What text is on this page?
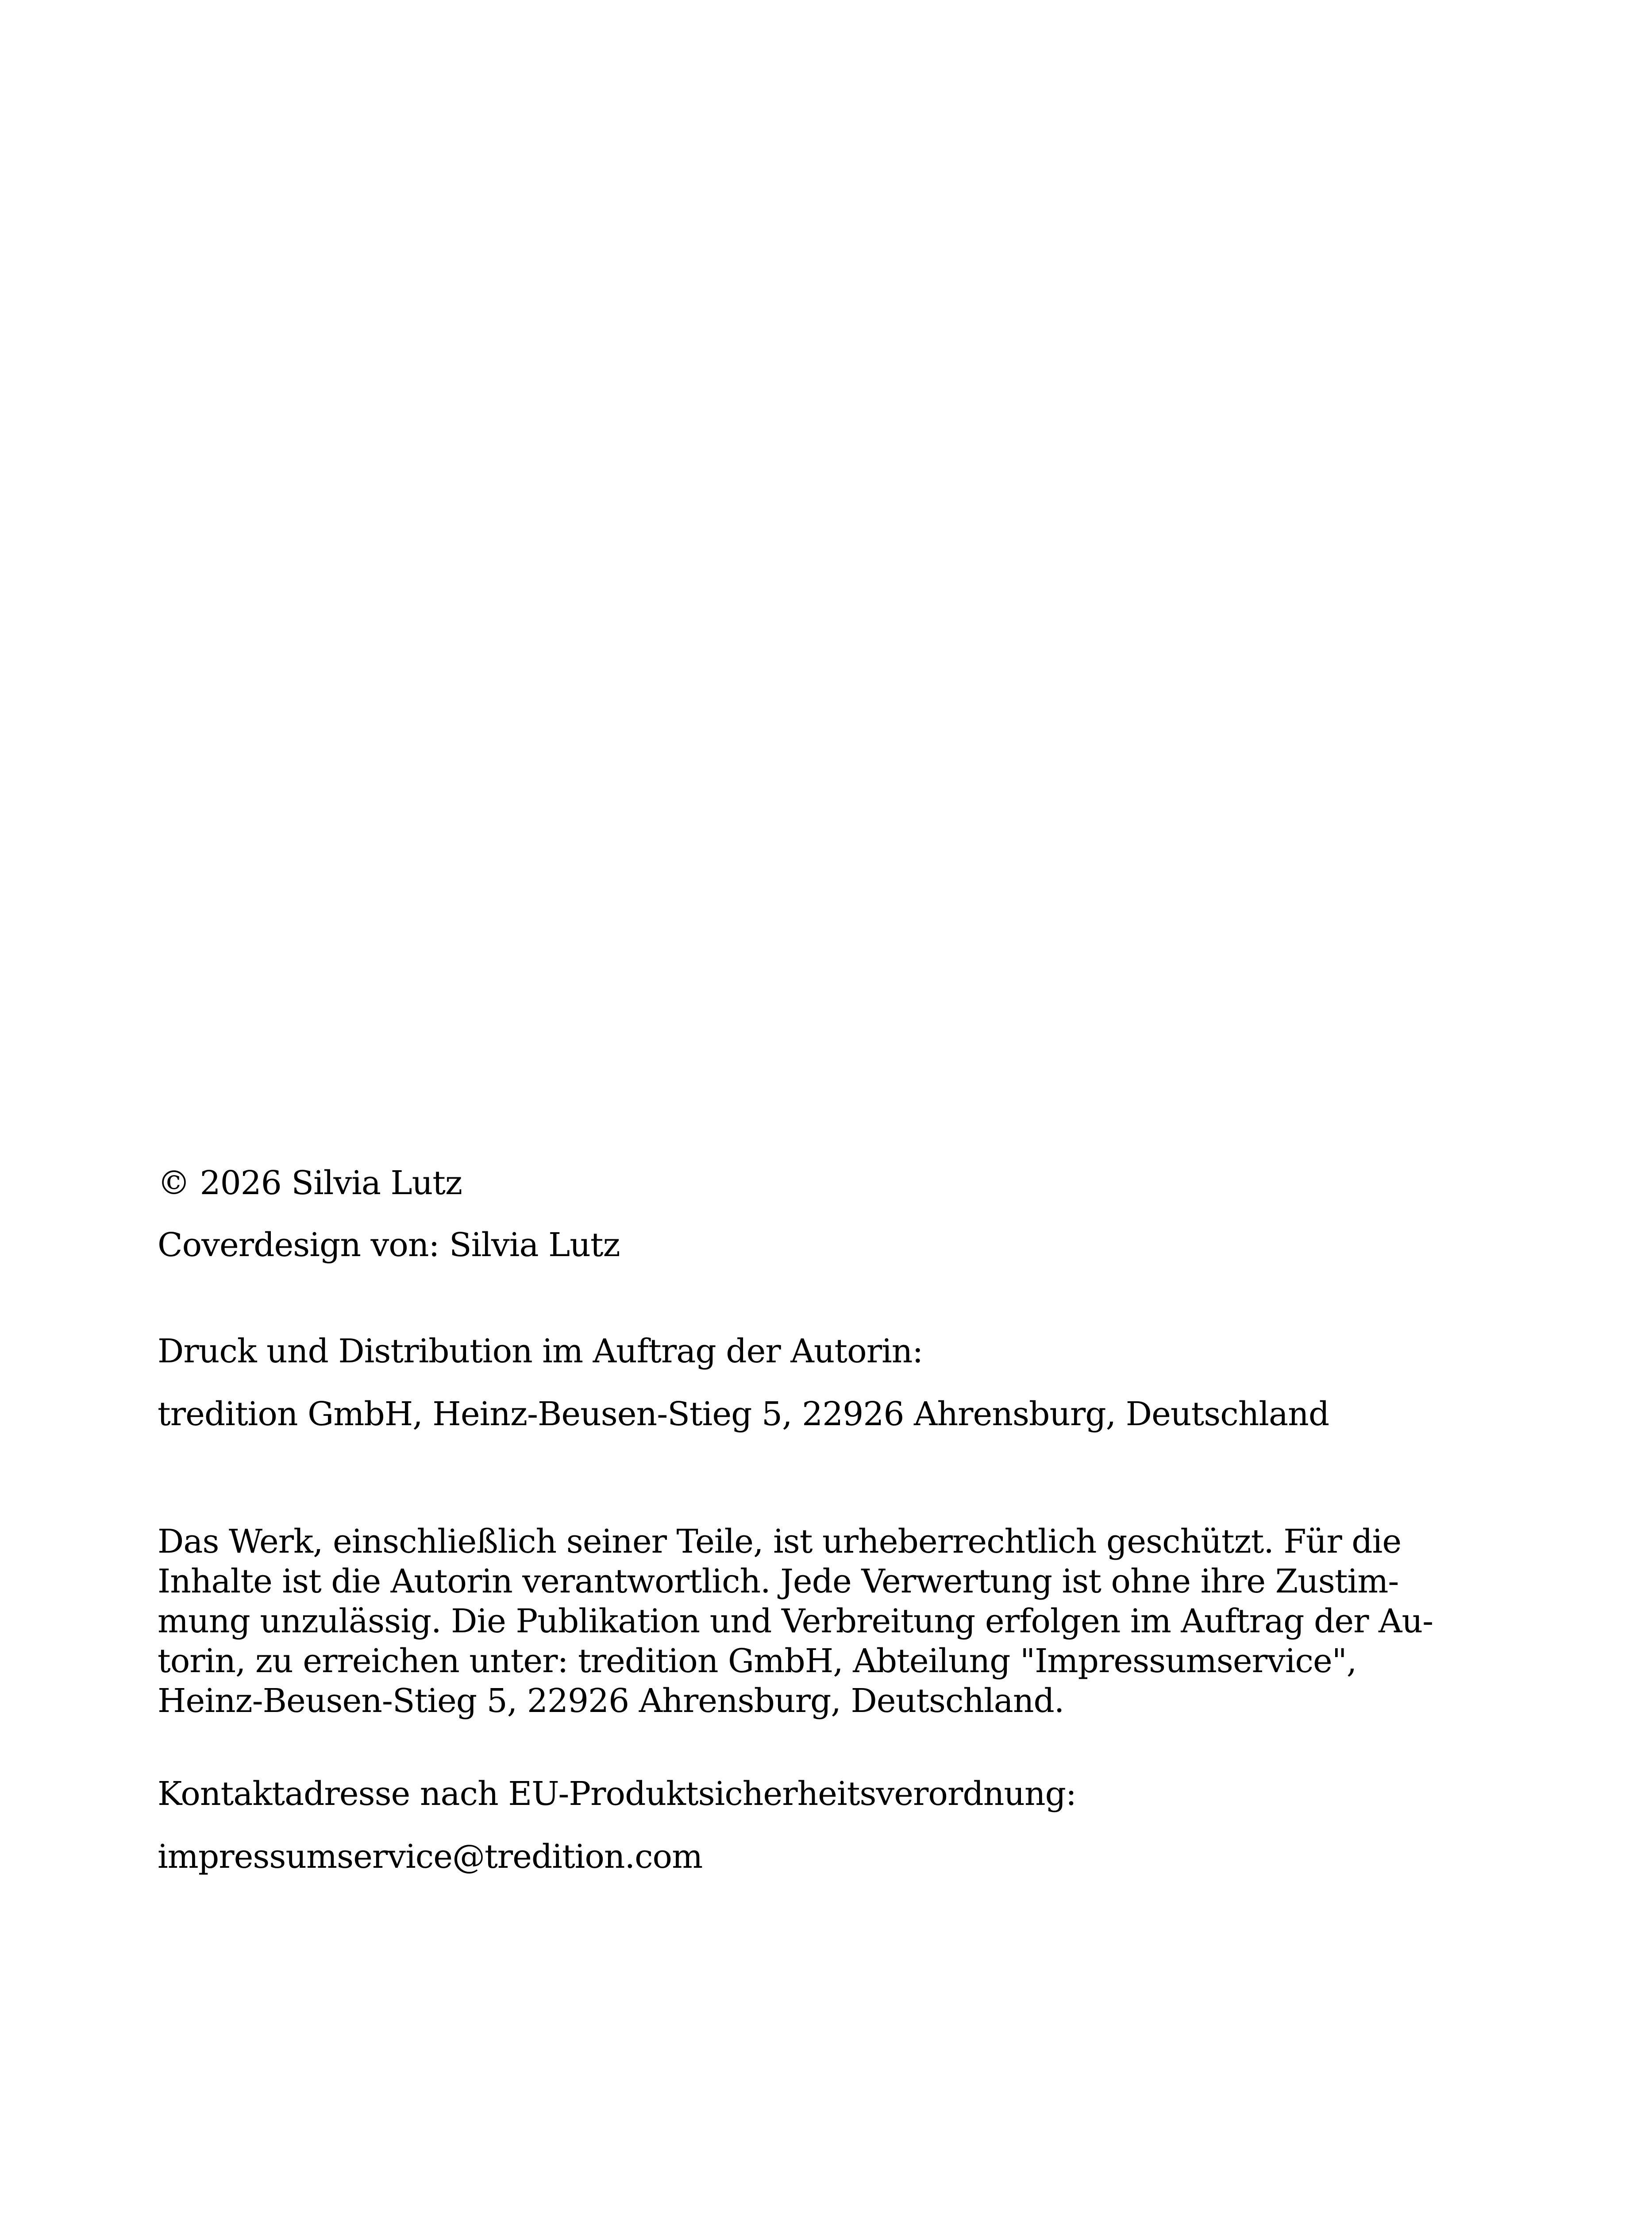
© 2026 Silvia Lutz
Coverdesign von: Silvia Lutz
Druck und Distribution im Auftrag der Autorin:
tredition GmbH, Heinz-Beusen-Stieg 5, 22926 Ahrensburg, Deutschland
Das Werk, einschließlich seiner Teile, ist urheberrechtlich geschützt. Für die
Inhalte ist die Autorin verantwortlich. Jede Verwertung ist ohne ihre Zustim-
mung unzulässig. Die Publikation und Verbreitung erfolgen im Auftrag der Au-
torin, zu erreichen unter: tredition GmbH, Abteilung "Impressumservice",
Heinz-Beusen-Stieg 5, 22926 Ahrensburg, Deutschland.
Kontaktadresse nach EU-Produktsicherheitsverordnung:
impressumservice@tredition.com
